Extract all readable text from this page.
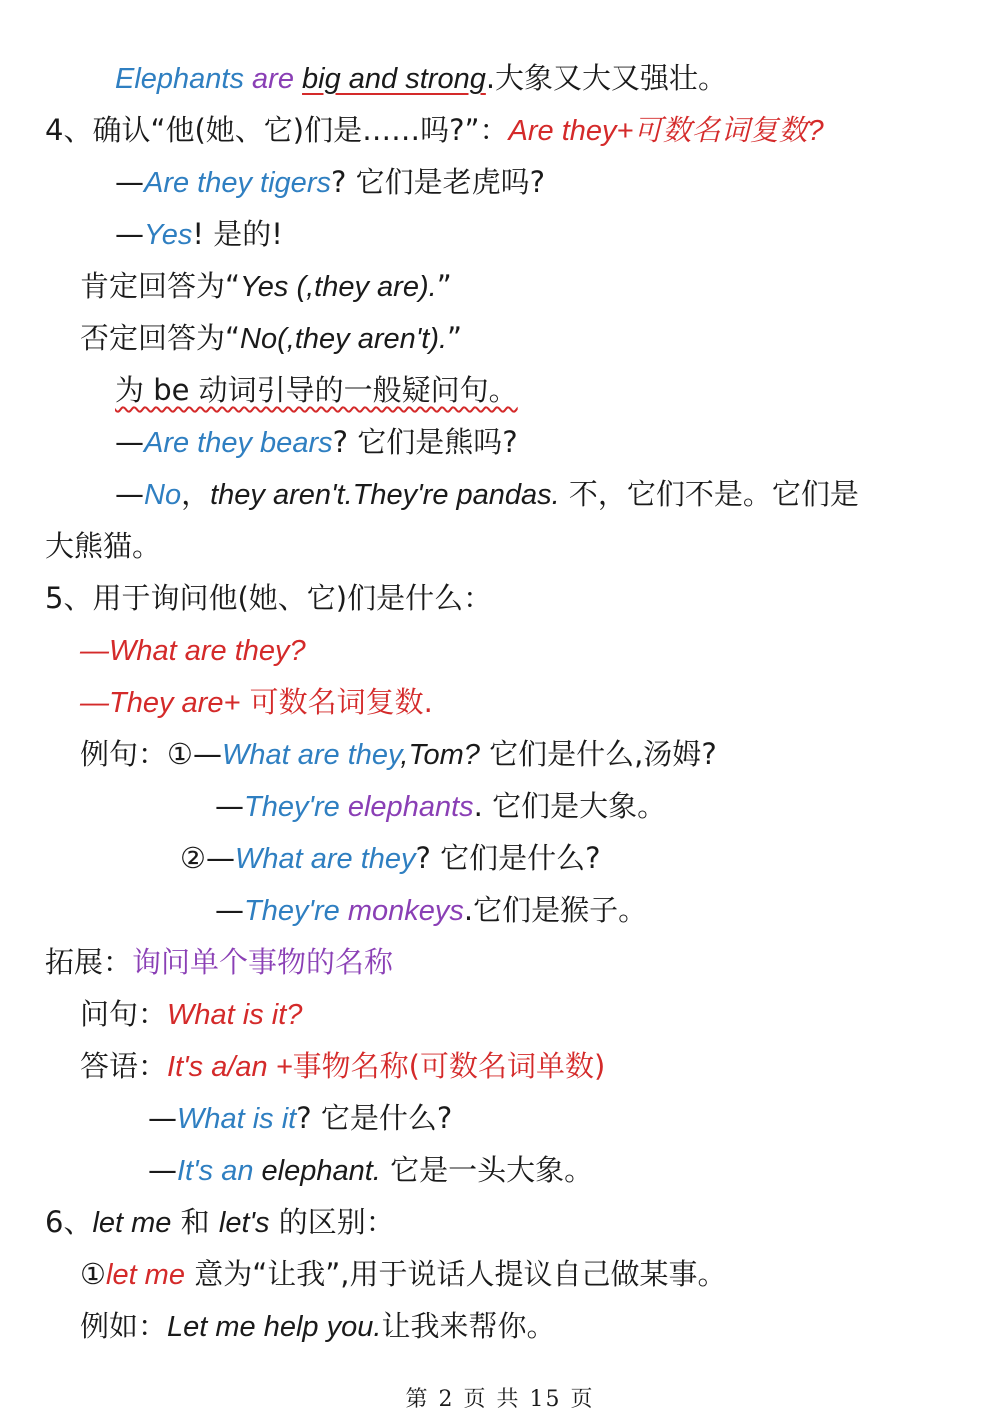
Elephants are big and strong.大象又大又强壮。
4、确认“他(她、它)们是……吗?”：Are they+可数名词复数?
—Are they tigers? 它们是老虎吗?
—Yes! 是的!
肯定回答为“Yes (,they are).”
否定回答为“No(,they aren't).”
为 be 动词引导的一般疑问句。
—Are they bears? 它们是熊吗?
—No，they aren't.They're pandas. 不，它们不是。它们是
大熊猫。
5、用于询问他(她、它)们是什么：
—What are they?
—They are+ 可数名词复数.
例句：①—What are they,Tom? 它们是什么,汤姆?
—They're elephants. 它们是大象。
②—What are they? 它们是什么?
—They're monkeys.它们是猴子。
拓展：询问单个事物的名称
问句：What is it?
答语：It's a/an +事物名称(可数名词单数)
—What is it? 它是什么?
—It's an elephant. 它是一头大象。
6、let me 和 let's 的区别：
①let me 意为“让我”,用于说话人提议自己做某事。
例如：Let me help you.让我来帮你。
第 2 页 共 15 页
